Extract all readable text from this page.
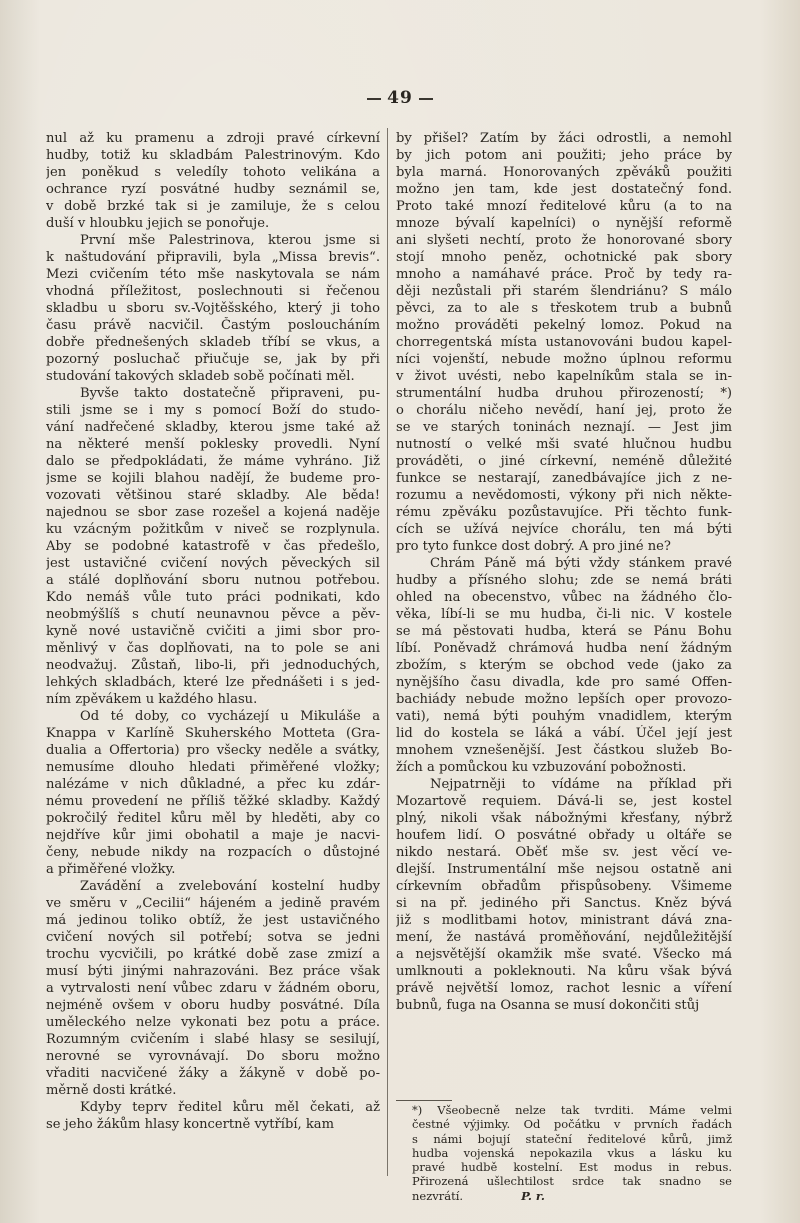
49

nul až ku pramenu a zdroji pravé církevní
hudby, totiž ku skladbám Palestrinovým. Kdo
jen poněkud s veledíly tohoto velikána a
ochrance ryzí posvátné hudby seznámil se,
v době brzké tak si je zamiluje, že s celou
duší v hloubku jejich se ponořuje.

První mše Palestrinova, kterou jsme si
k naštudování připravili, byla „Missa brevis“.
Mezi cvičením této mše naskytovala se nám
vhodná příležitost, poslechnouti si řečenou
skladbu u sboru sv.-Vojtěšského, který ji toho
času právě nacvičil. Častým posloucháním
dobře přednešených skladeb tříbí se vkus, a
pozorný posluchač přiučuje se, jak by při
studování takových skladeb sobě počínati měl.

Byvše takto dostatečně připraveni, pu-
stili jsme se i my s pomocí Boží do studo-
vání nadřečené skladby, kterou jsme také až
na některé menší poklesky provedli. Nyní
dalo se předpokládati, že máme vyhráno. Již
jsme se kojili blahou nadějí, že budeme pro-
vozovati většinou staré skladby. Ale běda!
najednou se sbor zase rozešel a kojená naděje
ku vzácným požitkům v niveč se rozplynula.
Aby se podobné katastrofě v čas předešlo,
jest ustavičné cvičení nových pěveckých sil
a stálé doplňování sboru nutnou potřebou.
Kdo nemáš vůle tuto práci podnikati, kdo
neobmýšlíš s chutí neunavnou pěvce a pěv-
kyně nové ustavičně cvičiti a jimi sbor pro-
měnlivý v čas doplňovati, na to pole se ani
neodvažuj. Zůstaň, libo-li, při jednoduchých,
lehkých skladbách, které lze přednášeti i s jed-
ním zpěvákem u každého hlasu.

Od té doby, co vycházejí u Mikuláše a
Knappa v Karlíně Skuherského Motteta (Gra-
dualia a Offertoria) pro všecky neděle a svátky,
nemusíme dlouho hledati přiměřené vložky;
nalézáme v nich důkladné, a přec ku zdár-
nému provedení ne příliš těžké skladby. Každý
pokročilý ředitel kůru měl by hleděti, aby co
nejdříve kůr jimi obohatil a maje je nacvi-
čeny, nebude nikdy na rozpacích o důstojné
a přiměřené vložky.

Zavádění a zvelebování kostelní hudby
ve směru v „Cecilii“ hájeném a jedině pravém
má jedinou toliko obtíž, že jest ustavičného
cvičení nových sil potřebí; sotva se jedni
trochu vycvičili, po krátké době zase zmizí a
musí býti jinými nahrazováni. Bez práce však
a vytrvalosti není vůbec zdaru v žádném oboru,
nejméně ovšem v oboru hudby posvátné. Díla
uměleckého nelze vykonati bez potu a práce.
Rozumným cvičením i slabé hlasy se sesilují,
nerovné se vyrovnávají. Do sboru možno
vřaditi nacvičené žáky a žákyně v době po-
měrně dosti krátké.

Kdyby teprv ředitel kůru měl čekati, až
se jeho žákům hlasy koncertně vytříbí, kam

by přišel? Zatím by žáci odrostli, a nemohl
by jich potom ani použiti; jeho práce by
byla marná. Honorovaných zpěváků použiti
možno jen tam, kde jest dostatečný fond.
Proto také mnozí ředitelové kůru (a to na
mnoze bývalí kapelníci) o nynější reformě
ani slyšeti nechtí, proto že honorované sbory
stojí mnoho peněz, ochotnické pak sbory
mnoho a namáhavé práce. Proč by tedy ra-
ději nezůstali při starém šlendriánu? S málo
pěvci, za to ale s třeskotem trub a bubnů
možno prováděti pekelný lomoz. Pokud na
chorregentská místa ustanovováni budou kapel-
níci vojenští, nebude možno úplnou reformu
v život uvésti, nebo kapelníkům stala se in-
strumentální hudba druhou přirozeností; *)
o chorálu ničeho nevědí, haní jej, proto že
se ve starých toninách neznají. — Jest jim
nutností o velké mši svaté hlučnou hudbu
prováděti, o jiné církevní, neméně důležité
funkce se nestarají, zanedbávajíce jich z ne-
rozumu a nevědomosti, výkony při nich někte-
rému zpěváku pozůstavujíce. Při těchto funk-
cích se užívá nejvíce chorálu, ten má býti
pro tyto funkce dost dobrý. A pro jiné ne?

Chrám Páně má býti vždy stánkem pravé
hudby a přísného slohu; zde se nemá bráti
ohled na obecenstvo, vůbec na žádného člo-
věka, líbí-li se mu hudba, či-li nic. V kostele
se má pěstovati hudba, která se Pánu Bohu
líbí. Poněvadž chrámová hudba není žádným
zbožím, s kterým se obchod vede (jako za
nynějšího času divadla, kde pro samé Offen-
bachiády nebude možno lepších oper provozo-
vati), nemá býti pouhým vnadidlem, kterým
lid do kostela se láká a vábí. Účel její jest
mnohem vznešenější. Jest částkou služeb Bo-
žích a pomůckou ku vzbuzování pobožnosti.

Nejpatrněji to vídáme na příklad při
Mozartově requiem. Dává-li se, jest kostel
plný, nikoli však nábožnými křesťany, nýbrž
houfem lidí. O posvátné obřady u oltáře se
nikdo nestará. Oběť mše sv. jest věcí ve-
dlejší. Instrumentální mše nejsou ostatně ani
církevním obřadům přispůsobeny. Všimeme
si na př. jediného při Sanctus. Kněz bývá
již s modlitbami hotov, ministrant dává zna-
mení, že nastává proměňování, nejdůležitější
a nejsvětější okamžik mše svaté. Všecko má
umlknouti a pokleknouti. Na kůru však bývá
právě největší lomoz, rachot lesnic a víření
bubnů, fuga na Osanna se musí dokončiti stůj

*) Všeobecně nelze tak tvrditi. Máme velmi
čestné výjimky. Od počátku v prvních řadách
s námi bojují stateční ředitelové kůrů, jimž
hudba vojenská nepokazila vkus a lásku ku
pravé hudbě kostelní. Est modus in rebus.
Přirozená ušlechtilost srdce tak snadno se
nezvrátí.	P. r.
